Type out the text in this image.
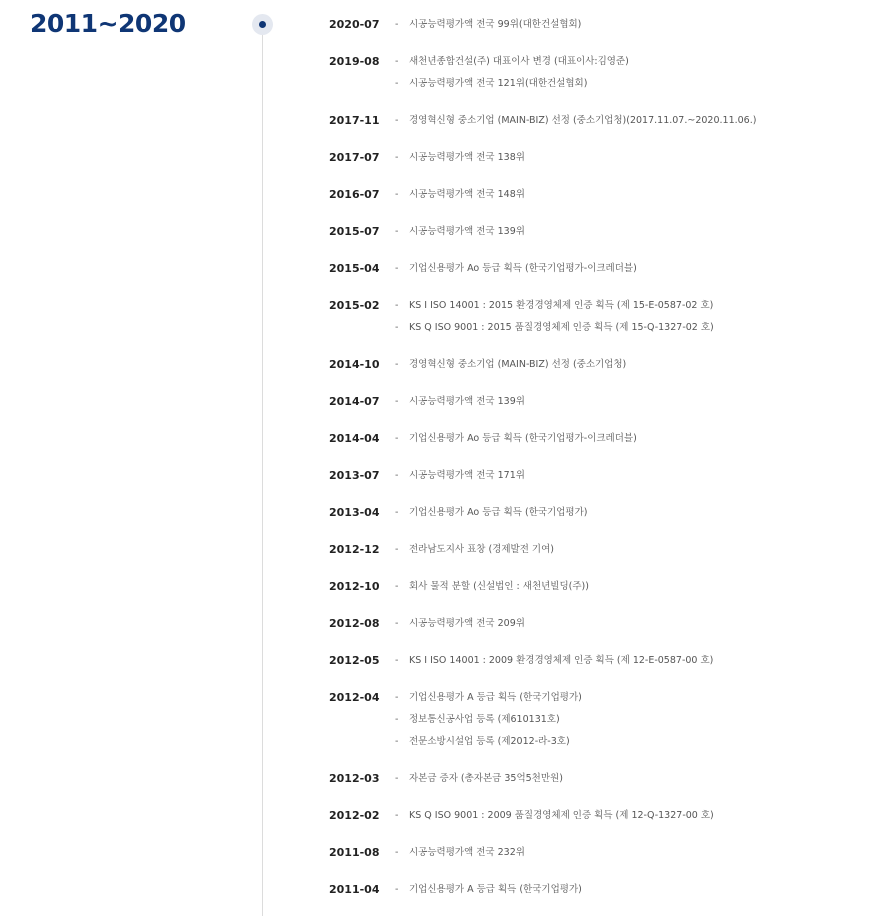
2011~2020	2020-07	-	시공능력평가액 전국 99위(대한건설협회)
2019-08	-	새천년종합건설(주) 대표이사 변경 (대표이사:김영준)
-	시공능력평가액 전국 121위(대한건설협회)
2017-11	-	경영혁신형 중소기업 (MAIN-BIZ) 선정 (중소기업청)(2017.11.07.~2020.11.06.)
2017-07	-	시공능력평가액 전국 138위
2016-07	-	시공능력평가액 전국 148위
2015-07	-	시공능력평가액 전국 139위
2015-04	-	기업신용평가 Ao 등급 획득 (한국기업평가-이크레더블)
2015-02	-	KS I ISO 14001 : 2015 환경경영체제 인증 획득 (제 15-E-0587-02 호)
-	KS Q ISO 9001 : 2015 품질경영체제 인증 획득 (제 15-Q-1327-02 호)
2014-10	-	경영혁신형 중소기업 (MAIN-BIZ) 선정 (중소기업청)
2014-07	-	시공능력평가액 전국 139위
2014-04	-	기업신용평가 Ao 등급 획득 (한국기업평가-이크레더블)
2013-07	-	시공능력평가액 전국 171위
2013-04	-	기업신용평가 Ao 등급 획득 (한국기업평가)
2012-12	-	전라남도지사 표창 (경제발전 기여)
2012-10	-	회사 물적 분할 (신설법인 : 새천년빌딩(주))
2012-08	-	시공능력평가액 전국 209위
2012-05	-	KS I ISO 14001 : 2009 환경경영체제 인증 획득 (제 12-E-0587-00 호)
2012-04	-	기업신용평가 A 등급 획득 (한국기업평가)
-	정보통신공사업 등록 (제610131호)
-	전문소방시설업 등록 (제2012-라-3호)
2012-03	-	자본금 증자 (총자본금 35억5천만원)
2012-02	-	KS Q ISO 9001 : 2009 품질경영체제 인증 획득 (제 12-Q-1327-00 호)
2011-08	-	시공능력평가액 전국 232위
2011-04	-	기업신용평가 A 등급 획득 (한국기업평가)
